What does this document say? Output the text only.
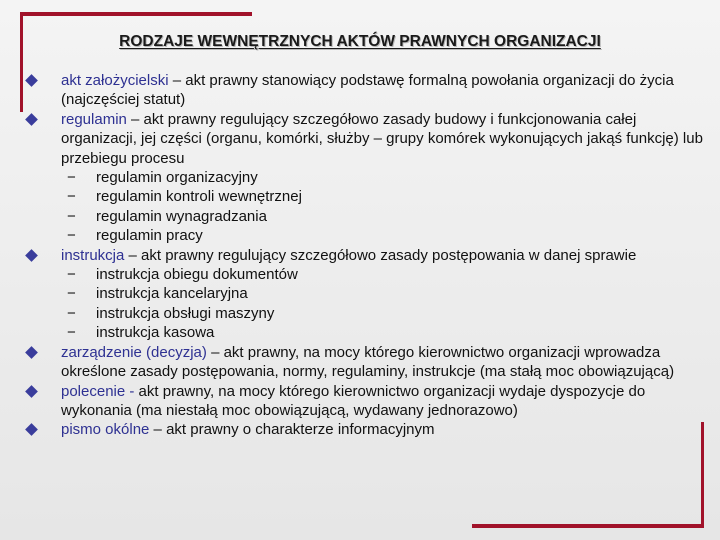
RODZAJE WEWNĘTRZNYCH AKTÓW PRAWNYCH ORGANIZACJI
akt założycielski – akt prawny stanowiący podstawę formalną powołania organizacji do życia (najczęściej statut)
regulamin – akt prawny regulujący szczegółowo zasady budowy i funkcjonowania całej organizacji, jej części (organu, komórki, służby – grupy komórek wykonujących jakąś funkcję) lub przebiegu procesu
− regulamin organizacyjny
− regulamin kontroli wewnętrznej
− regulamin wynagradzania
− regulamin pracy
instrukcja – akt prawny regulujący szczegółowo zasady postępowania w danej sprawie
− instrukcja obiegu dokumentów
− instrukcja kancelaryjna
− instrukcja obsługi maszyny
− instrukcja kasowa
zarządzenie (decyzja) – akt prawny, na mocy którego kierownictwo organizacji wprowadza określone zasady postępowania, normy, regulaminy, instrukcje (ma stałą moc obowiązującą)
polecenie - akt prawny, na mocy którego kierownictwo organizacji wydaje dyspozycje do wykonania (ma niestałą moc obowiązującą, wydawany jednorazowo)
pismo okólne – akt prawny o charakterze informacyjnym
